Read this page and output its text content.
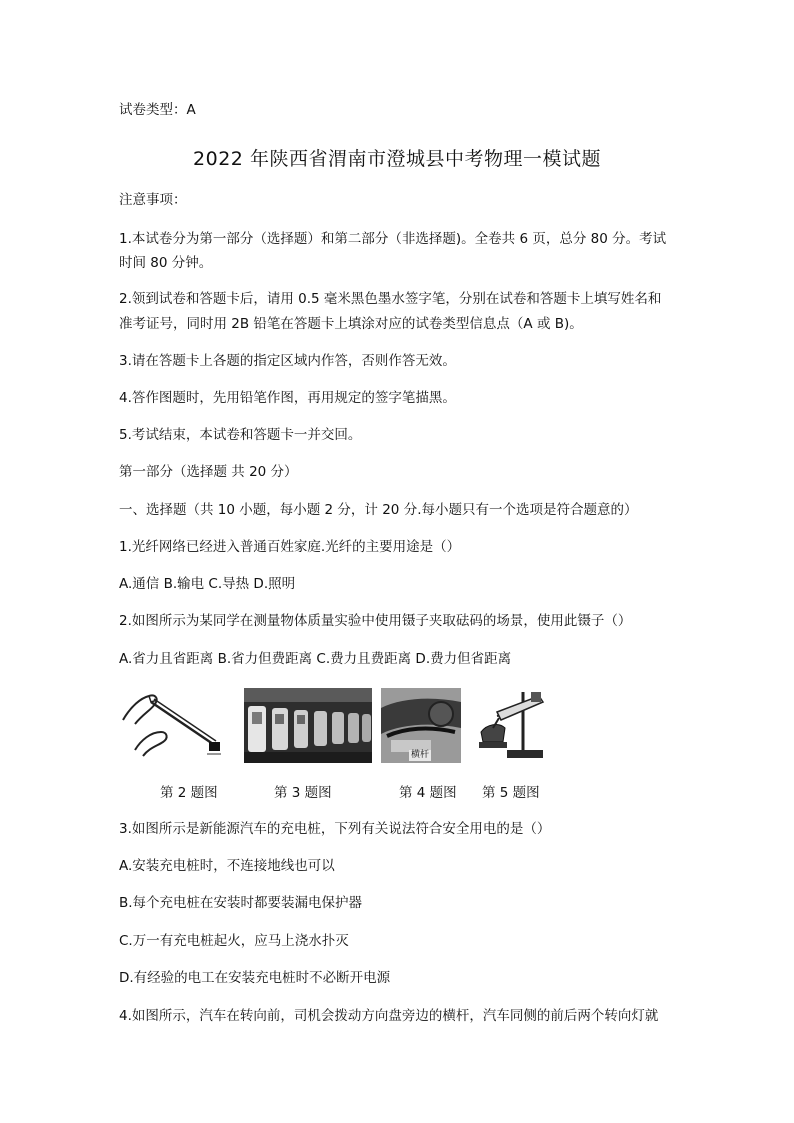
试卷类型：A
2022 年陕西省渭南市澄城县中考物理一模试题
注意事项：
1.本试卷分为第一部分（选择题）和第二部分（非选择题)。全卷共 6 页，总分 80 分。考试
时间 80 分钟。
2.领到试卷和答题卡后，请用 0.5 毫米黑色墨水签字笔，分别在试卷和答题卡上填写姓名和
准考证号，同时用 2B 铅笔在答题卡上填涂对应的试卷类型信息点（A 或 B)。
3.请在答题卡上各题的指定区域内作答，否则作答无效。
4.答作图题时，先用铅笔作图，再用规定的签字笔描黑。
5.考试结束，本试卷和答题卡一并交回。
第一部分（选择题 共 20 分）
一、选择题（共 10 小题，每小题 2 分，计 20 分.每小题只有一个选项是符合题意的）
1.光纤网络已经进入普通百姓家庭.光纤的主要用途是（）
A.通信 B.输电 C.导热 D.照明
2.如图所示为某同学在测量物体质量实验中使用镊子夹取砝码的场景，使用此镊子（）
A.省力且省距离 B.省力但费距离 C.费力且费距离 D.费力但省距离
横杆
第 2 题图	第 3 题图	第 4 题图 第 5 题图
3.如图所示是新能源汽车的充电桩，下列有关说法符合安全用电的是（）
A.安装充电桩时，不连接地线也可以
B.每个充电桩在安装时都要装漏电保护器
C.万一有充电桩起火，应马上浇水扑灭
D.有经验的电工在安装充电桩时不必断开电源
4.如图所示，汽车在转向前，司机会拨动方向盘旁边的横杆，汽车同侧的前后两个转向灯就
